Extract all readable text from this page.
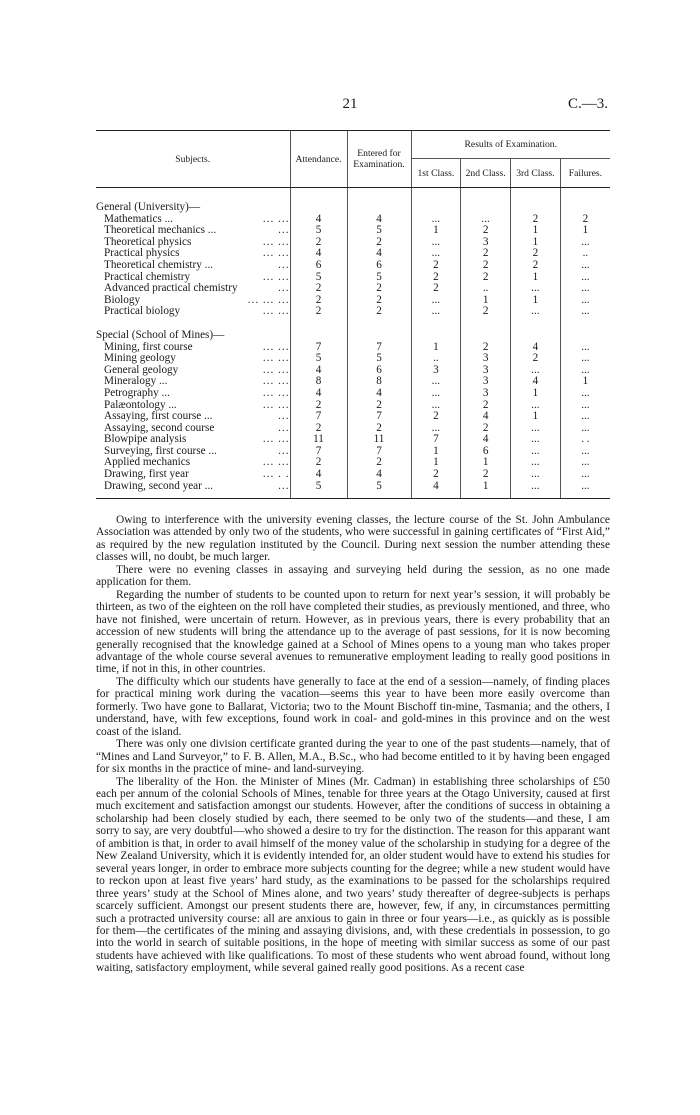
21	C.—3.
Subjects.	Attendance.	Entered for Examination.	Results of Examination.			
			1st Class.	2nd Class.	3rd Class.	Failures.

General (University)—						

Mathematics ... ... ...	4	4	...	...	2	2

Theoretical mechanics ... ...	5	5	1	2	1	1

Theoretical physics ... ...	2	2	...	3	1	...

Practical physics ... ...	4	4	...	2	2	..

Theoretical chemistry ... ...	6	6	2	2	2	...

Practical chemistry ... ...	5	5	2	2	1	...

Advanced practical chemistry ...	2	2	2	..	...	...

Biology ... ... ...	2	2	...	1	1	...

Practical biology ... ...	2	2	...	2	...	...

Special (School of Mines)—						

Mining, first course ... ...	7	7	1	2	4	...

Mining geology ... ...	5	5	..	3	2	...

General geology ... ...	4	6	3	3	...	...

Mineralogy ... ... ...	8	8	...	3	4	1

Petrography ... ... ...	4	4	...	3	1	...

Palæontology ... ... ...	2	2	...	2	...	...

Assaying, first course ... ...	7	7	2	4	1	...

Assaying, second course ...	2	2	...	2	...	...

Blowpipe analysis ... ...	11	11	7	4	...	. .

Surveying, first course ... ...	7	7	1	6	...	...

Applied mechanics ... ...	2	2	1	1	...	...

Drawing, first year ... . .	4	4	2	2	...	...

Drawing, second year ... ...	5	5	4	1	...	...

Owing to interference with the university evening classes, the lecture course of the St. John Ambulance Association was attended by only two of the students, who were successful in gaining certificates of “First Aid,” as required by the new regulation instituted by the Council. During next session the number attending these classes will, no doubt, be much larger.

There were no evening classes in assaying and surveying held during the session, as no one made application for them.

Regarding the number of students to be counted upon to return for next year’s session, it will probably be thirteen, as two of the eighteen on the roll have completed their studies, as previously mentioned, and three, who have not finished, were uncertain of return. However, as in previous years, there is every probability that an accession of new students will bring the attendance up to the average of past sessions, for it is now becoming generally recognised that the knowledge gained at a School of Mines opens to a young man who takes proper advantage of the whole course several avenues to remunerative employment leading to really good positions in time, if not in this, in other countries.

The difficulty which our students have generally to face at the end of a session—namely, of finding places for practical mining work during the vacation—seems this year to have been more easily overcome than formerly. Two have gone to Ballarat, Victoria; two to the Mount Bischoff tin-mine, Tasmania; and the others, I understand, have, with few exceptions, found work in coal- and gold-mines in this province and on the west coast of the island.

There was only one division certificate granted during the year to one of the past students—namely, that of “Mines and Land Surveyor,” to F. B. Allen, M.A., B.Sc., who had become entitled to it by having been engaged for six months in the practice of mine- and land-surveying.

The liberality of the Hon. the Minister of Mines (Mr. Cadman) in establishing three scholarships of £50 each per annum of the colonial Schools of Mines, tenable for three years at the Otago University, caused at first much excitement and satisfaction amongst our students. However, after the conditions of success in obtaining a scholarship had been closely studied by each, there seemed to be only two of the students—and these, I am sorry to say, are very doubtful—who showed a desire to try for the distinction. The reason for this apparant want of ambition is that, in order to avail himself of the money value of the scholarship in studying for a degree of the New Zealand University, which it is evidently intended for, an older student would have to extend his studies for several years longer, in order to embrace more subjects counting for the degree; while a new student would have to reckon upon at least five years’ hard study, as the examinations to be passed for the scholarships required three years’ study at the School of Mines alone, and two years’ study thereafter of degree-subjects is perhaps scarcely sufficient. Amongst our present students there are, however, few, if any, in circumstances permitting such a protracted university course: all are anxious to gain in three or four years—i.e., as quickly as is possible for them—the certificates of the mining and assaying divisions, and, with these credentials in possession, to go into the world in search of suitable positions, in the hope of meeting with similar success as some of our past students have achieved with like qualifications. To most of these students who went abroad found, without long waiting, satisfactory employment, while several gained really good positions. As a recent case
